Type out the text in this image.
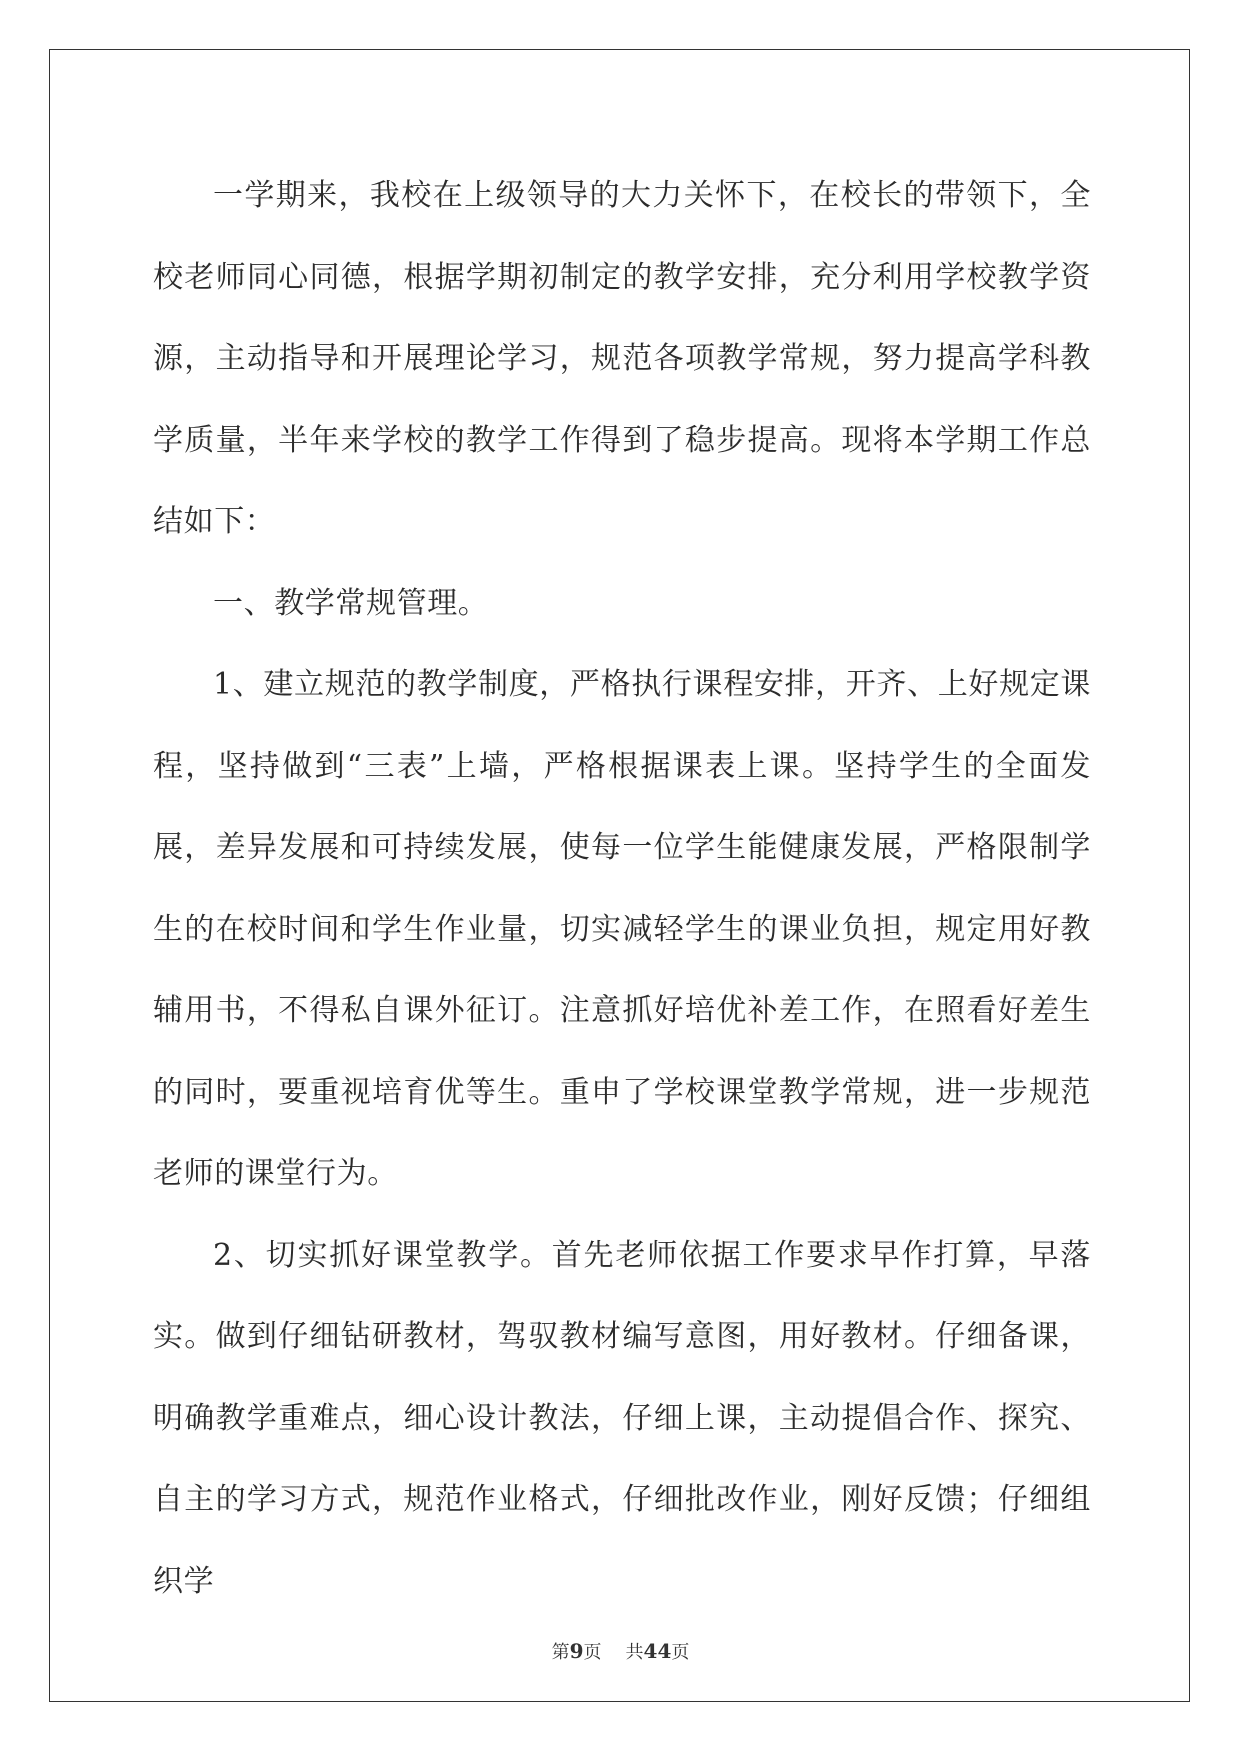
一学期来，我校在上级领导的大力关怀下，在校长的带领下，全校老师同心同德，根据学期初制定的教学安排，充分利用学校教学资源，主动指导和开展理论学习，规范各项教学常规，努力提高学科教学质量，半年来学校的教学工作得到了稳步提高。现将本学期工作总结如下：

一、教学常规管理。

1、建立规范的教学制度，严格执行课程安排，开齐、上好规定课程，坚持做到“三表”上墙，严格根据课表上课。坚持学生的全面发展，差异发展和可持续发展，使每一位学生能健康发展，严格限制学生的在校时间和学生作业量，切实减轻学生的课业负担，规定用好教辅用书，不得私自课外征订。注意抓好培优补差工作，在照看好差生的同时，要重视培育优等生。重申了学校课堂教学常规，进一步规范老师的课堂行为。

2、切实抓好课堂教学。首先老师依据工作要求早作打算，早落实。做到仔细钻研教材，驾驭教材编写意图，用好教材。仔细备课，明确教学重难点，细心设计教法，仔细上课，主动提倡合作、探究、自主的学习方式，规范作业格式，仔细批改作业，刚好反馈；仔细组织学

第9页 共44页
